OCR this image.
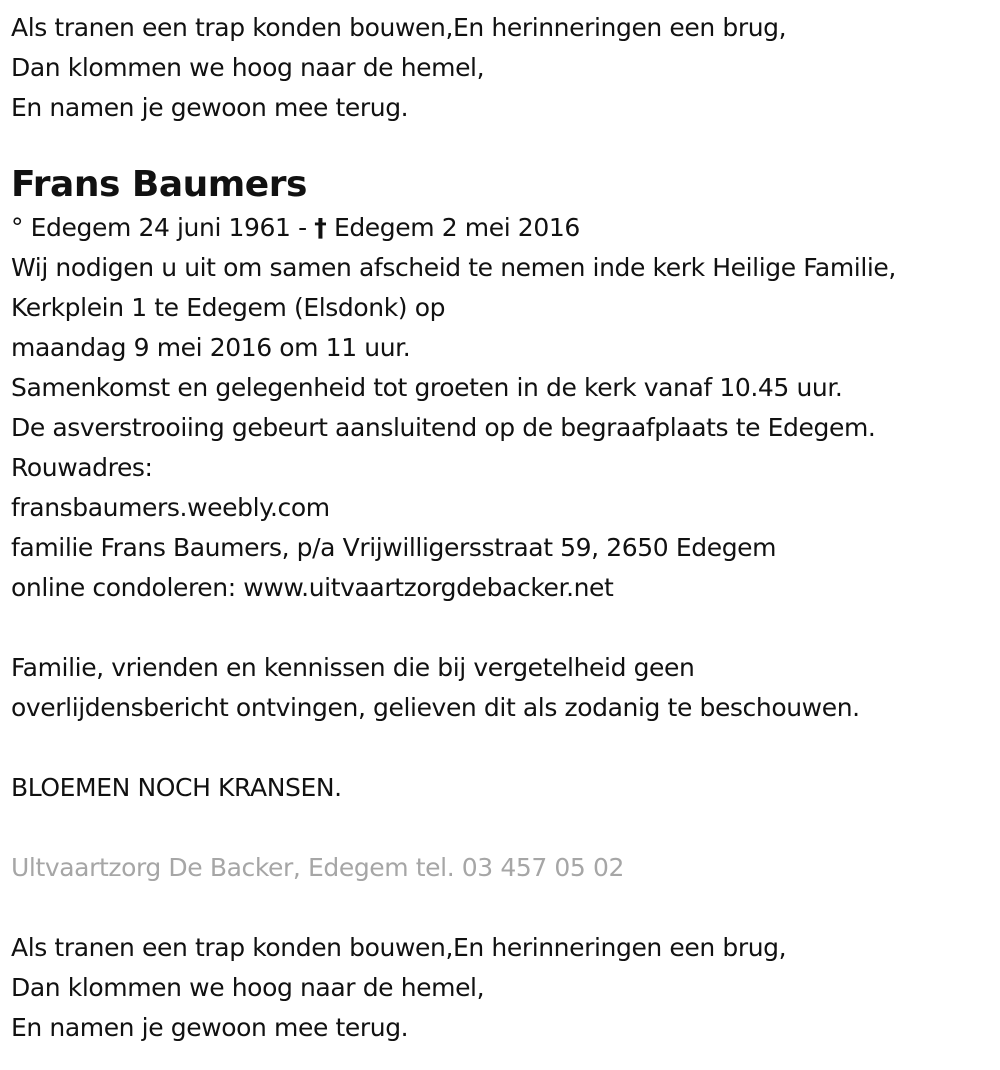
Als tranen een trap konden bouwen,En herinneringen een brug,
Dan klommen we hoog naar de hemel,
En namen je gewoon mee terug.
Frans Baumers
° Edegem 24 juni 1961 - † Edegem 2 mei 2016
Wij nodigen u uit om samen afscheid te nemen inde kerk Heilige Familie,
Kerkplein 1 te Edegem (Elsdonk) op
maandag 9 mei 2016 om 11 uur.
Samenkomst en gelegenheid tot groeten in de kerk vanaf 10.45 uur.
De asverstrooiing gebeurt aansluitend op de begraafplaats te Edegem.
Rouwadres:
fransbaumers.weebly.com
familie Frans Baumers, p/a Vrijwilligersstraat 59, 2650 Edegem
online condoleren: www.uitvaartzorgdebacker.net
Familie, vrienden en kennissen die bij vergetelheid geen
overlijdensbericht ontvingen, gelieven dit als zodanig te beschouwen.
BLOEMEN NOCH KRANSEN.
Ultvaartzorg De Backer, Edegem tel. 03 457 05 02
Als tranen een trap konden bouwen,En herinneringen een brug,
Dan klommen we hoog naar de hemel,
En namen je gewoon mee terug.
